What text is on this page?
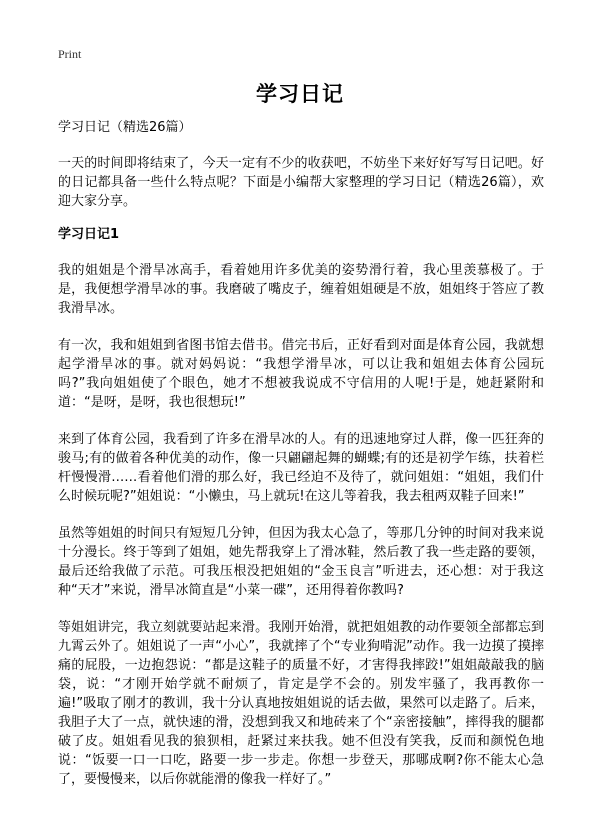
Print
学习日记

学习日记（精选26篇）

一天的时间即将结束了，今天一定有不少的收获吧，不妨坐下来好好写写日记吧。好的日记都具备一些什么特点呢？下面是小编帮大家整理的学习日记（精选26篇），欢迎大家分享。

学习日记1

我的姐姐是个滑旱冰高手，看着她用许多优美的姿势滑行着，我心里羡慕极了。于是，我便想学滑旱冰的事。我磨破了嘴皮子，缠着姐姐硬是不放，姐姐终于答应了教我滑旱冰。

有一次，我和姐姐到省图书馆去借书。借完书后，正好看到对面是体育公园，我就想起学滑旱冰的事。就对妈妈说：“我想学滑旱冰，可以让我和姐姐去体育公园玩吗?”我向姐姐使了个眼色，她才不想被我说成不守信用的人呢!于是，她赶紧附和道：“是呀，是呀，我也很想玩!”

来到了体育公园，我看到了许多在滑旱冰的人。有的迅速地穿过人群，像一匹狂奔的骏马;有的做着各种优美的动作，像一只翩翩起舞的蝴蝶;有的还是初学乍练，扶着栏杆慢慢滑……看着他们滑的那么好，我已经迫不及待了，就问姐姐：“姐姐，我们什么时候玩呢?”姐姐说：“小懒虫，马上就玩!在这儿等着我，我去租两双鞋子回来!”

虽然等姐姐的时间只有短短几分钟，但因为我太心急了，等那几分钟的时间对我来说十分漫长。终于等到了姐姐，她先帮我穿上了滑冰鞋，然后教了我一些走路的要领，最后还给我做了示范。可我压根没把姐姐的“金玉良言”听进去，还心想：对于我这种“天才”来说，滑旱冰简直是“小菜一碟”，还用得着你教吗?

等姐姐讲完，我立刻就要站起来滑。我刚开始滑，就把姐姐教的动作要领全部都忘到九霄云外了。姐姐说了一声“小心”，我就摔了个“专业狗啃泥”动作。我一边摸了摸摔痛的屁股，一边抱怨说：“都是这鞋子的质量不好，才害得我摔跤!”姐姐敲敲我的脑袋，说：“才刚开始学就不耐烦了，肯定是学不会的。别发牢骚了，我再教你一遍!”吸取了刚才的教训，我十分认真地按姐姐说的话去做，果然可以走路了。后来，我胆子大了一点，就快速的滑，没想到我又和地砖来了个“亲密接触”，摔得我的腿都破了皮。姐姐看见我的狼狈相，赶紧过来扶我。她不但没有笑我，反而和颜悦色地说：“饭要一口一口吃，路要一步一步走。你想一步登天，那哪成啊?你不能太心急了，要慢慢来，以后你就能滑的像我一样好了。”
